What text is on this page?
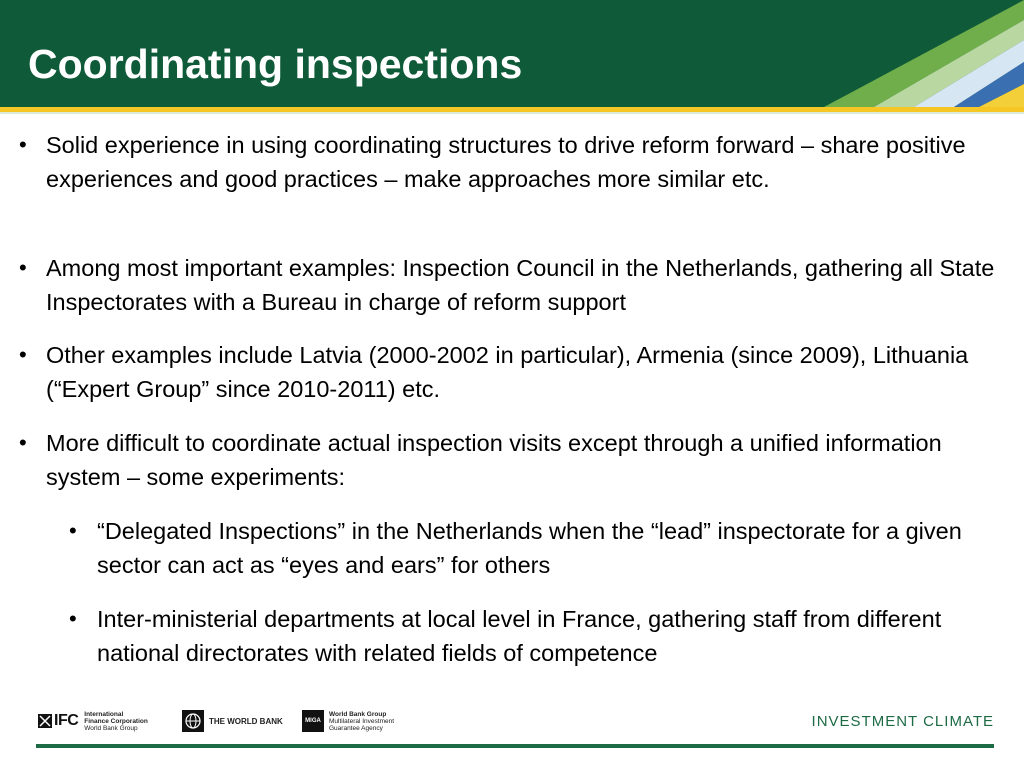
Coordinating inspections
• Solid experience in using coordinating structures to drive reform forward – share positive experiences and good practices – make approaches more similar etc.
• Among most important examples: Inspection Council in the Netherlands, gathering all State Inspectorates with a Bureau in charge of reform support
• Other examples include Latvia (2000-2002 in particular), Armenia (since 2009), Lithuania (“Expert Group” since 2010-2011) etc.
• More difficult to coordinate actual inspection visits except through a unified information system – some experiments:
• “Delegated Inspections” in the Netherlands when the “lead” inspectorate for a given sector can act as “eyes and ears” for others
• Inter-ministerial departments at local level in France, gathering staff from different national directorates with related fields of competence
IFC International
Finance Corporation
World Bank Group
THE WORLD BANK	MIGA
World Bank Group
Multilateral Investment
Guarantee Agency	INVESTMENT CLIMATE
